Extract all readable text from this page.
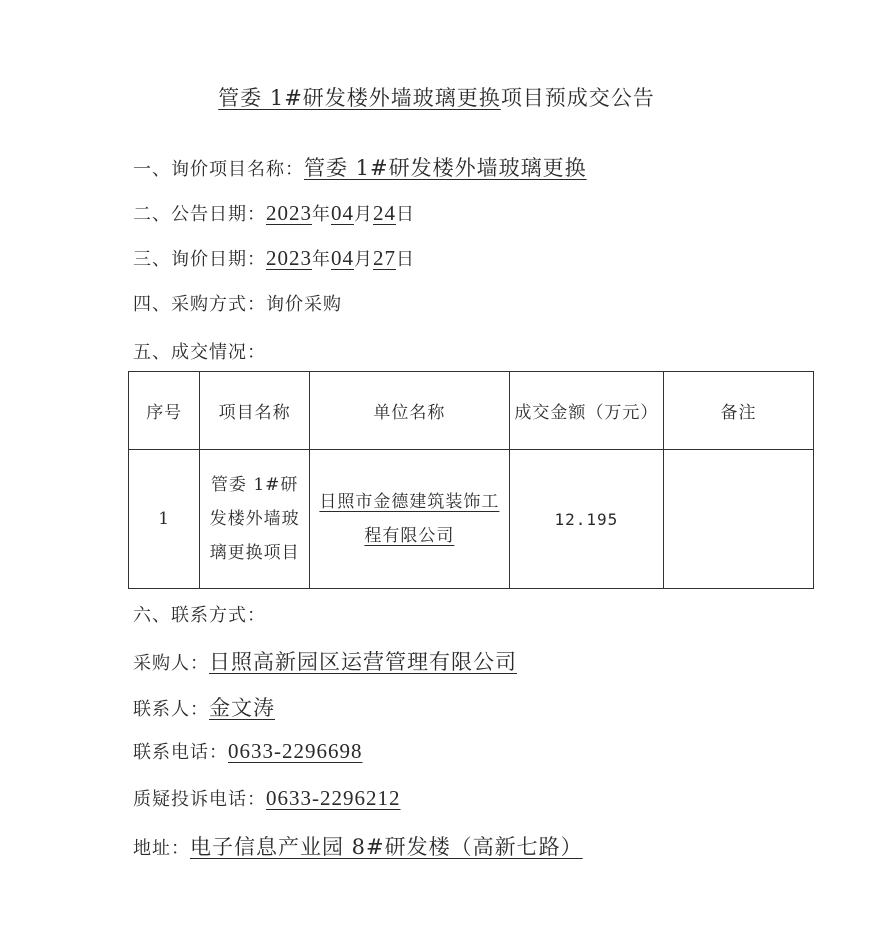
管委 1#研发楼外墙玻璃更换项目预成交公告
一、询价项目名称：管委 1#研发楼外墙玻璃更换
二、公告日期：2023年04月24日
三、询价日期：2023年04月27日
四、采购方式：询价采购
五、成交情况：
序号	项目名称	单位名称	成交金额（万元）	备注
1	管委 1#研发楼外墙玻璃更换项目	日照市金德建筑装饰工程有限公司	12.195	
六、联系方式：
采购人：日照高新园区运营管理有限公司
联系人：金文涛
联系电话：0633-2296698
质疑投诉电话：0633-2296212
地址：电子信息产业园 8#研发楼（高新七路）
